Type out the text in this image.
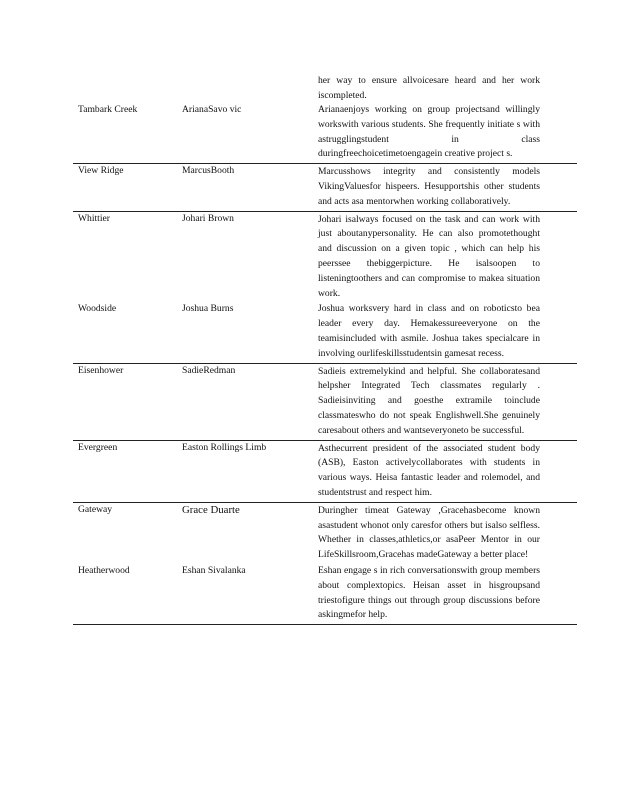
her way to ensure allvoicesare heard and her work iscompleted.
Tambark Creek	ArianaSavo vic	Arianaenjoys working on group projectsand willingly workswith various students. She frequently initiate s with astrugglingstudent in class duringfreechoicetimetoengagein creative project s.
View Ridge	MarcusBooth	Marcusshows integrity and consistently models VikingValuesfor hispeers. Hesupportshis other students and acts asa mentorwhen working collaboratively.
Whittier	Johari Brown	Johari isalways focused on the task and can work with just aboutanypersonality. He can also promotethought and discussion on a given topic , which can help his peerssee thebiggerpicture. He isalsoopen to listeningtoothers and can compromise to makea situation work.
Woodside	Joshua Burns	Joshua worksvery hard in class and on roboticsto bea leader every day. Hemakessureeveryone on the teamisincluded with asmile. Joshua takes specialcare in involving ourlifeskillsstudentsin gamesat recess.
Eisenhower	SadieRedman	Sadieis extremelykind and helpful. She collaboratesand helpsher Integrated Tech classmates regularly . Sadieisinviting and goesthe extramile toinclude classmateswho do not speak Englishwell.She genuinely caresabout others and wantseveryoneto be successful.
Evergreen	Easton Rollings Limb	Asthecurrent president of the associated student body (ASB), Easton activelycollaborates with students in various ways. Heisa fantastic leader and rolemodel, and studentstrust and respect him.
Gateway	Grace Duarte	Duringher timeat Gateway ,Gracehasbecome known asastudent whonot only caresfor others but isalso selfless. Whether in classes,athletics,or asaPeer Mentor in our LifeSkillsroom,Gracehas madeGateway a better place!
Heatherwood	Eshan Sivalanka	Eshan engage s in rich conversationswith group members about complextopics. Heisan asset in hisgroupsand triestofigure things out through group discussions before askingmefor help.
